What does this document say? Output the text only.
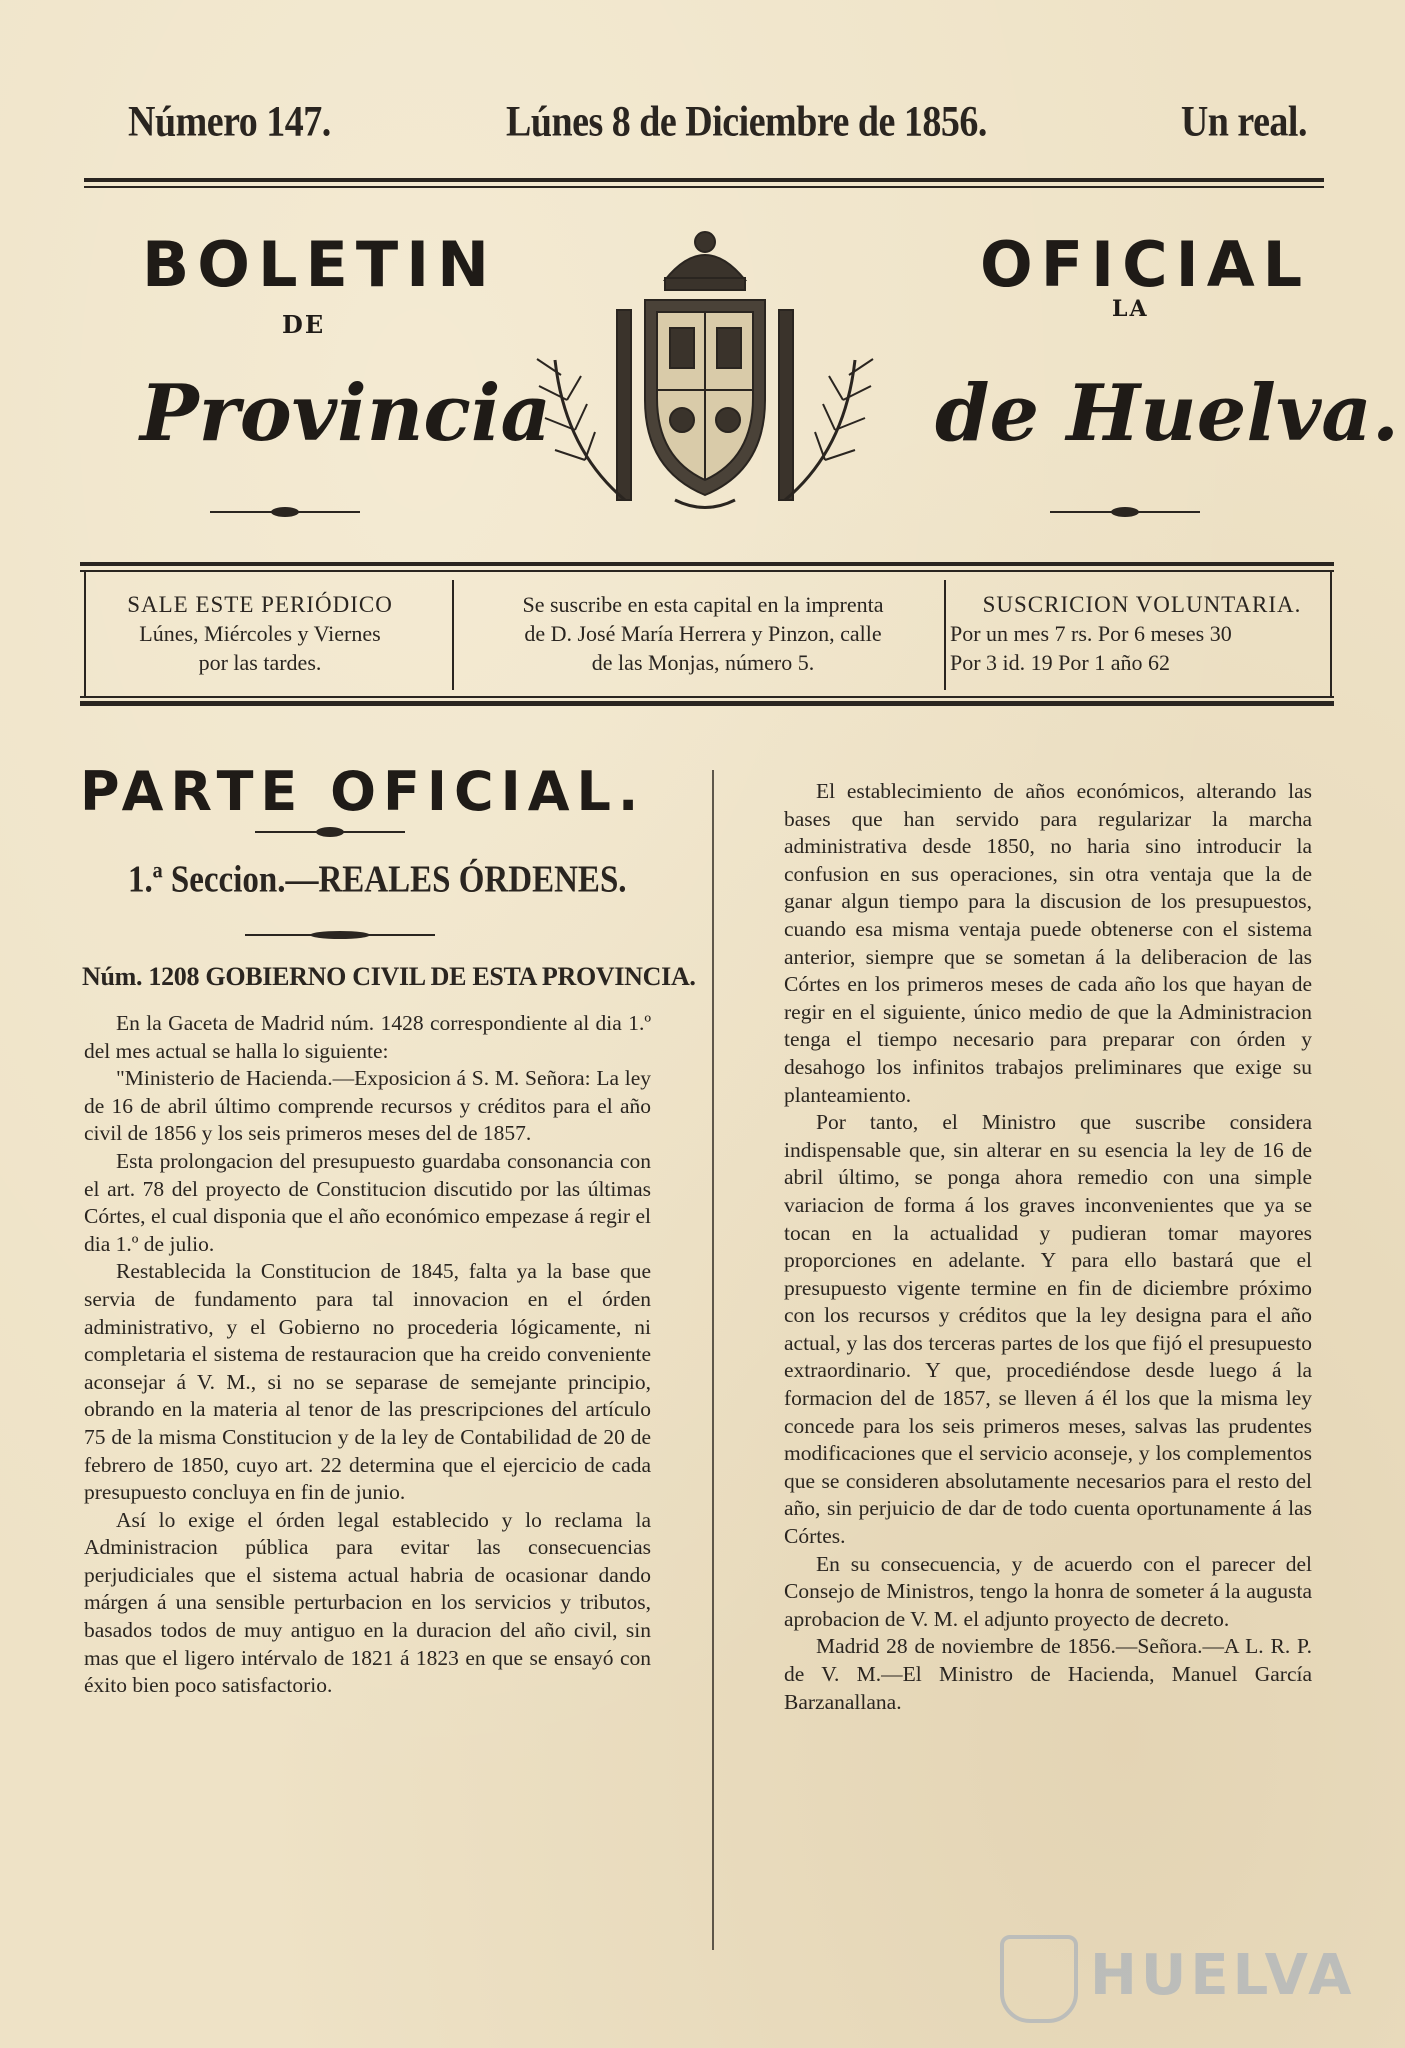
Número 147.	Lúnes 8 de Diciembre de 1856.	Un real.
BOLETIN	OFICIAL
DE
LA
Provincia	de Huelva.
SALE ESTE PERIÓDICO
Lúnes, Miércoles y Viernes
por las tardes.
Se suscribe en esta capital en la imprenta
de D. José María Herrera y Pinzon, calle
de las Monjas, número 5.
SUSCRICION VOLUNTARIA.
Por un mes 7 rs. Por 6 meses 30
Por 3 id. 19 Por 1 año 62
PARTE OFICIAL.
1.ª Seccion.—REALES ÓRDENES.
Núm. 1208 GOBIERNO CIVIL DE ESTA PROVINCIA.

En la Gaceta de Madrid núm. 1428 correspondiente al dia 1.º del mes actual se halla lo siguiente:

"Ministerio de Hacienda.—Exposicion á S. M. Señora: La ley de 16 de abril último comprende recursos y créditos para el año civil de 1856 y los seis primeros meses del de 1857.

Esta prolongacion del presupuesto guardaba consonancia con el art. 78 del proyecto de Constitucion discutido por las últimas Córtes, el cual disponia que el año económico empezase á regir el dia 1.º de julio.

Restablecida la Constitucion de 1845, falta ya la base que servia de fundamento para tal innovacion en el órden administrativo, y el Gobierno no procederia lógicamente, ni completaria el sistema de restauracion que ha creido conveniente aconsejar á V. M., si no se separase de semejante principio, obrando en la materia al tenor de las prescripciones del artículo 75 de la misma Constitucion y de la ley de Contabilidad de 20 de febrero de 1850, cuyo art. 22 determina que el ejercicio de cada presupuesto concluya en fin de junio.

Así lo exige el órden legal establecido y lo reclama la Administracion pública para evitar las consecuencias perjudiciales que el sistema actual habria de ocasionar dando márgen á una sensible perturbacion en los servicios y tributos, basados todos de muy antiguo en la duracion del año civil, sin mas que el ligero intérvalo de 1821 á 1823 en que se ensayó con éxito bien poco satisfactorio.

El establecimiento de años económicos, alterando las bases que han servido para regularizar la marcha administrativa desde 1850, no haria sino introducir la confusion en sus operaciones, sin otra ventaja que la de ganar algun tiempo para la discusion de los presupuestos, cuando esa misma ventaja puede obtenerse con el sistema anterior, siempre que se sometan á la deliberacion de las Córtes en los primeros meses de cada año los que hayan de regir en el siguiente, único medio de que la Administracion tenga el tiempo necesario para preparar con órden y desahogo los infinitos trabajos preliminares que exige su planteamiento.

Por tanto, el Ministro que suscribe considera indispensable que, sin alterar en su esencia la ley de 16 de abril último, se ponga ahora remedio con una simple variacion de forma á los graves inconvenientes que ya se tocan en la actualidad y pudieran tomar mayores proporciones en adelante. Y para ello bastará que el presupuesto vigente termine en fin de diciembre próximo con los recursos y créditos que la ley designa para el año actual, y las dos terceras partes de los que fijó el presupuesto extraordinario. Y que, procediéndose desde luego á la formacion del de 1857, se lleven á él los que la misma ley concede para los seis primeros meses, salvas las prudentes modificaciones que el servicio aconseje, y los complementos que se consideren absolutamente necesarios para el resto del año, sin perjuicio de dar de todo cuenta oportunamente á las Córtes.

En su consecuencia, y de acuerdo con el parecer del Consejo de Ministros, tengo la honra de someter á la augusta aprobacion de V. M. el adjunto proyecto de decreto.

Madrid 28 de noviembre de 1856.—Señora.—A L. R. P. de V. M.—El Ministro de Hacienda, Manuel García Barzanallana.

HUELVA
